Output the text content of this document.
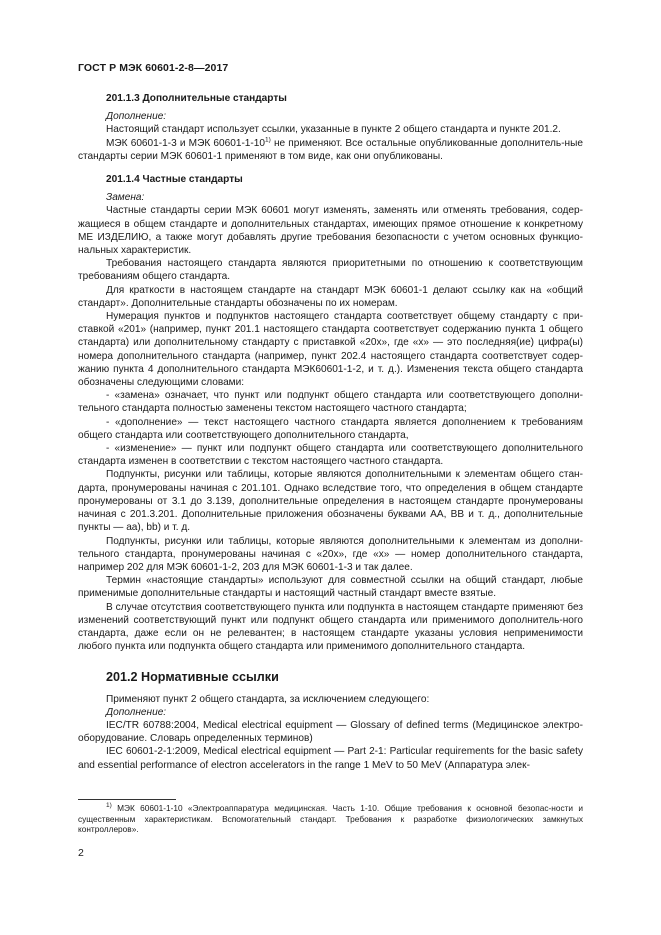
ГОСТ Р МЭК 60601-2-8—2017
201.1.3 Дополнительные стандарты

Дополнение:

Настоящий стандарт использует ссылки, указанные в пункте 2 общего стандарта и пункте 201.2.

МЭК 60601-1-3 и МЭК 60601-1-10$^{1)}$ не применяют. Все остальные опубликованные дополнитель-ные стандарты серии МЭК 60601-1 применяют в том виде, как они опубликованы.

201.1.4 Частные стандарты

Замена:

Частные стандарты серии МЭК 60601 могут изменять, заменять или отменять требования, содер-жащиеся в общем стандарте и дополнительных стандартах, имеющих прямое отношение к конкретному МЕ ИЗДЕЛИЮ, а также могут добавлять другие требования безопасности с учетом основных функцио-нальных характеристик.

Требования настоящего стандарта являются приоритетными по отношению к соответствующим требованиям общего стандарта.

Для краткости в настоящем стандарте на стандарт МЭК 60601-1 делают ссылку как на «общий стандарт». Дополнительные стандарты обозначены по их номерам.

Нумерация пунктов и подпунктов настоящего стандарта соответствует общему стандарту с при-ставкой «201» (например, пункт 201.1 настоящего стандарта соответствует содержанию пункта 1 общего стандарта) или дополнительному стандарту с приставкой «20х», где «х» — это последняя(ие) цифра(ы) номера дополнительного стандарта (например, пункт 202.4 настоящего стандарта соответствует содер-жанию пункта 4 дополнительного стандарта МЭК60601-1-2, и т. д.). Изменения текста общего стандарта обозначены следующими словами:

- «замена» означает, что пункт или подпункт общего стандарта или соответствующего дополни-тельного стандарта полностью заменены текстом настоящего частного стандарта;

- «дополнение» — текст настоящего частного стандарта является дополнением к требованиям общего стандарта или соответствующего дополнительного стандарта,

- «изменение» — пункт или подпункт общего стандарта или соответствующего дополнительного стандарта изменен в соответствии с текстом настоящего частного стандарта.

Подпункты, рисунки или таблицы, которые являются дополнительными к элементам общего стан-дарта, пронумерованы начиная с 201.101. Однако вследствие того, что определения в общем стандарте пронумерованы от 3.1 до 3.139, дополнительные определения в настоящем стандарте пронумерованы начиная с 201.3.201. Дополнительные приложения обозначены буквами АА, ВВ и т. д., дополнительные пункты — аа), bb) и т. д.

Подпункты, рисунки или таблицы, которые являются дополнительными к элементам из дополни-тельного стандарта, пронумерованы начиная с «20х», где «х» — номер дополнительного стандарта, например 202 для МЭК 60601-1-2, 203 для МЭК 60601-1-3 и так далее.

Термин «настоящие стандарты» используют для совместной ссылки на общий стандарт, любые применимые дополнительные стандарты и настоящий частный стандарт вместе взятые.

В случае отсутствия соответствующего пункта или подпункта в настоящем стандарте применяют без изменений соответствующий пункт или подпункт общего стандарта или применимого дополнитель-ного стандарта, даже если он не релевантен; в настоящем стандарте указаны условия неприменимости любого пункта или подпункта общего стандарта или применимого дополнительного стандарта.

201.2 Нормативные ссылки

Применяют пункт 2 общего стандарта, за исключением следующего:

Дополнение:

IEC/TR 60788:2004, Medical electrical equipment — Glossary of defined terms (Медицинское электро-оборудование. Словарь определенных терминов)

IEC 60601-2-1:2009, Medical electrical equipment — Part 2-1: Particular requirements for the basic safety and essential performance of electron accelerators in the range 1 MeV to 50 MeV (Аппаратура элек-

$^{1)}$ МЭК 60601-1-10 «Электроаппаратура медицинская. Часть 1-10. Общие требования к основной безопас-ности и существенным характеристикам. Вспомогательный стандарт. Требования к разработке физиологических замкнутых контроллеров».

2
